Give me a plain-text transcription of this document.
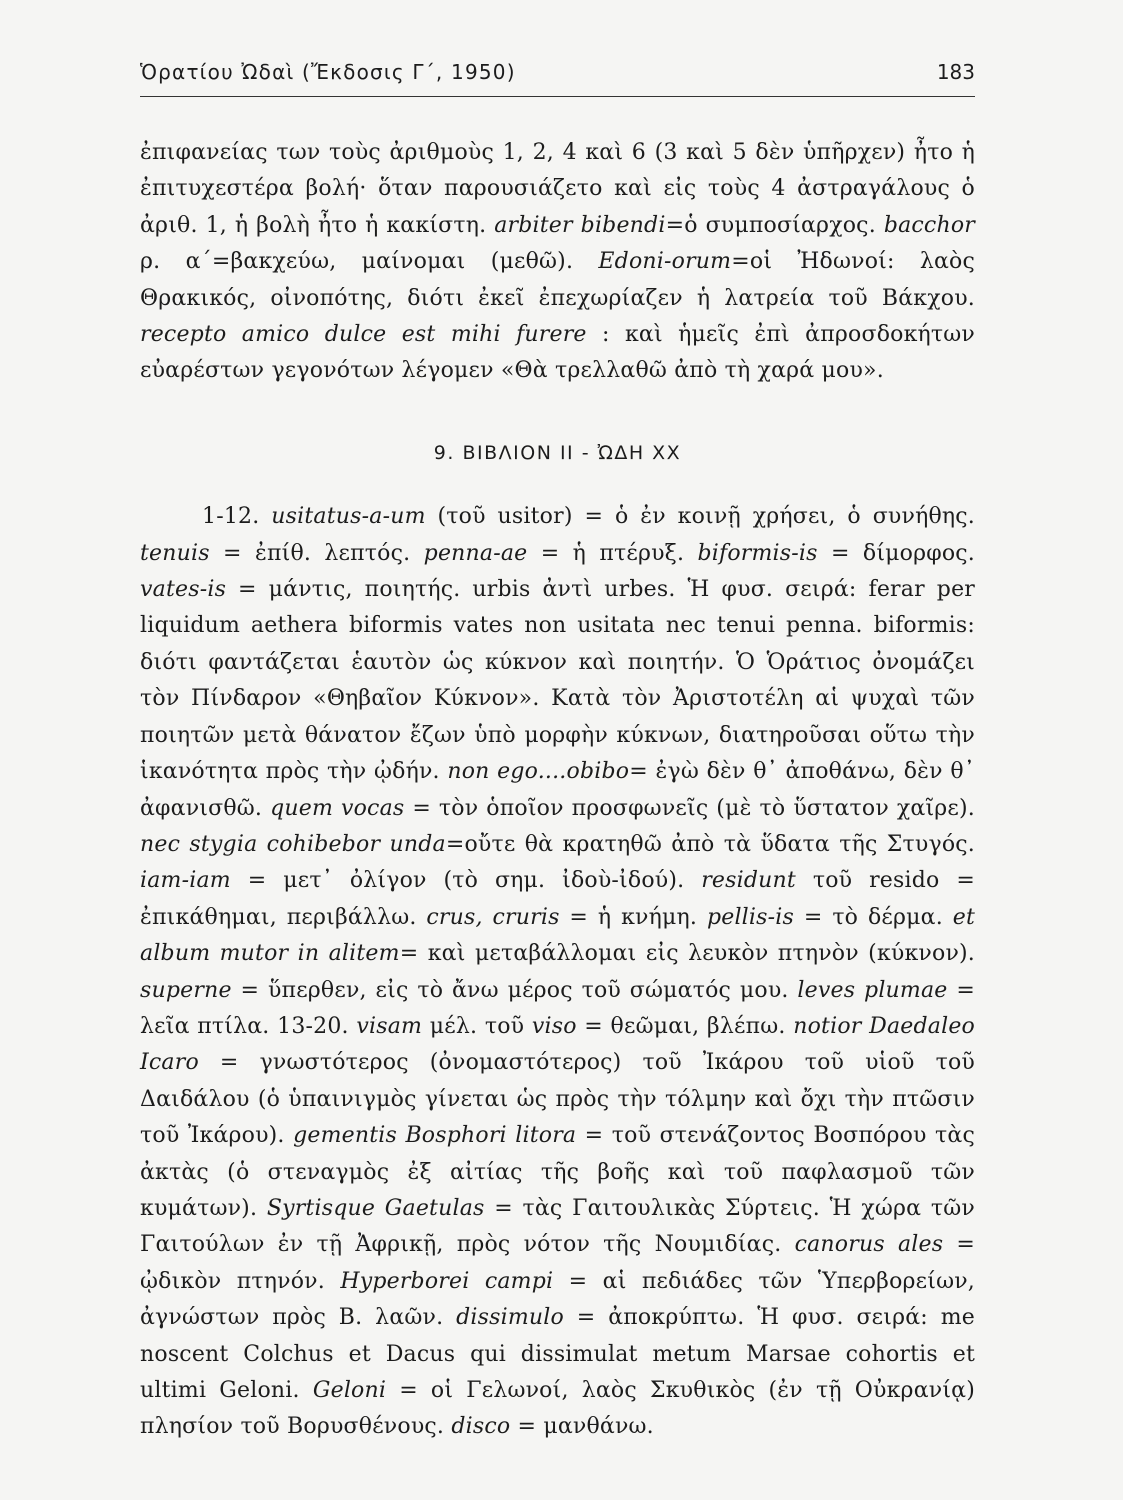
Ὁρατίου Ὠδαὶ (Ἔκδοσις Γ΄, 1950)	183

ἐπιφανείας των τοὺς ἀριθμοὺς 1, 2, 4 καὶ 6 (3 καὶ 5 δὲν ὑπῆρχεν) ἦτο ἡ ἐπιτυχεστέρα βολή· ὅταν παρουσιάζετο καὶ εἰς τοὺς 4 ἀστραγάλους ὁ ἀριθ. 1, ἡ βολὴ ἦτο ἡ κακίστη. arbiter bibendi=ὁ συμποσίαρχος. bacchor ρ. α΄=βακχεύω, μαίνομαι (μεθῶ). Edoni-orum=οἱ Ἠδωνοί: λαὸς Θρακικός, οἰνοπότης, διότι ἐκεῖ ἐπεχωρίαζεν ἡ λατρεία τοῦ Βάκχου. recepto amico dulce est mihi furere : καὶ ἡμεῖς ἐπὶ ἀπροσδοκήτων εὐαρέστων γεγονότων λέγομεν «Θὰ τρελλαθῶ ἀπὸ τὴ χαρά μου».

9. ΒΙΒΛΙΟΝ ΙΙ - ὨΔΗ ΧΧ

1-12. usitatus-a-um (τοῦ usitor) = ὁ ἐν κοινῇ χρήσει, ὁ συνήθης. tenuis = ἐπίθ. λεπτός. penna-ae = ἡ πτέρυξ. biformis-is = δίμορφος. vates-is = μάντις, ποιητής. urbis ἀντὶ urbes. Ἡ φυσ. σειρά: ferar per liquidum aethera biformis vates non usitata nec tenui penna. biformis: διότι φαντάζεται ἑαυτὸν ὡς κύκνον καὶ ποιητήν. Ὁ Ὁράτιος ὀνομάζει τὸν Πίνδαρον «Θηβαῖον Κύκνον». Κατὰ τὸν Ἀριστοτέλη αἱ ψυχαὶ τῶν ποιητῶν μετὰ θάνατον ἔζων ὑπὸ μορφὴν κύκνων, διατηροῦσαι οὕτω τὴν ἱκανότητα πρὸς τὴν ᾠδήν. non ego....obibo= ἐγὼ δὲν θ᾽ ἀποθάνω, δὲν θ᾽ ἀφανισθῶ. quem vocas = τὸν ὁποῖον προσφωνεῖς (μὲ τὸ ὕστατον χαῖρε). nec stygia cohibebor unda=οὔτε θὰ κρατηθῶ ἀπὸ τὰ ὕδατα τῆς Στυγός. iam-iam = μετ᾽ ὀλίγον (τὸ σημ. ἰδοὺ-ἰδού). residunt τοῦ resido = ἐπικάθημαι, περιβάλλω. crus, cruris = ἡ κνήμη. pellis-is = τὸ δέρμα. et album mutor in alitem= καὶ μεταβάλλομαι εἰς λευκὸν πτηνὸν (κύκνον). superne = ὕπερθεν, εἰς τὸ ἄνω μέρος τοῦ σώματός μου. leves plumae = λεῖα πτίλα. 13-20. visam μέλ. τοῦ viso = θεῶμαι, βλέπω. notior Daedaleo Icaro = γνωστότερος (ὀνομαστότερος) τοῦ Ἰκάρου τοῦ υἱοῦ τοῦ Δαιδάλου (ὁ ὑπαινιγμὸς γίνεται ὡς πρὸς τὴν τόλμην καὶ ὄχι τὴν πτῶσιν τοῦ Ἰκάρου). gementis Bosphori litora = τοῦ στενάζοντος Βοσπόρου τὰς ἀκτὰς (ὁ στεναγμὸς ἐξ αἰτίας τῆς βοῆς καὶ τοῦ παφλασμοῦ τῶν κυμάτων). Syrtisque Gaetulas = τὰς Γαιτουλικὰς Σύρτεις. Ἡ χώρα τῶν Γαιτούλων ἐν τῇ Ἀφρικῇ, πρὸς νότον τῆς Νουμιδίας. canorus ales = ᾠδικὸν πτηνόν. Hyperborei campi = αἱ πεδιάδες τῶν Ὑπερβορείων, ἀγνώστων πρὸς Β. λαῶν. dissimulo = ἀποκρύπτω. Ἡ φυσ. σειρά: me noscent Colchus et Dacus qui dissimulat metum Marsae cohortis et ultimi Geloni. Geloni = οἱ Γελωνοί, λαὸς Σκυθικὸς (ἐν τῇ Οὐκρανίᾳ) πλησίον τοῦ Βορυσθένους. disco = μανθάνω.
